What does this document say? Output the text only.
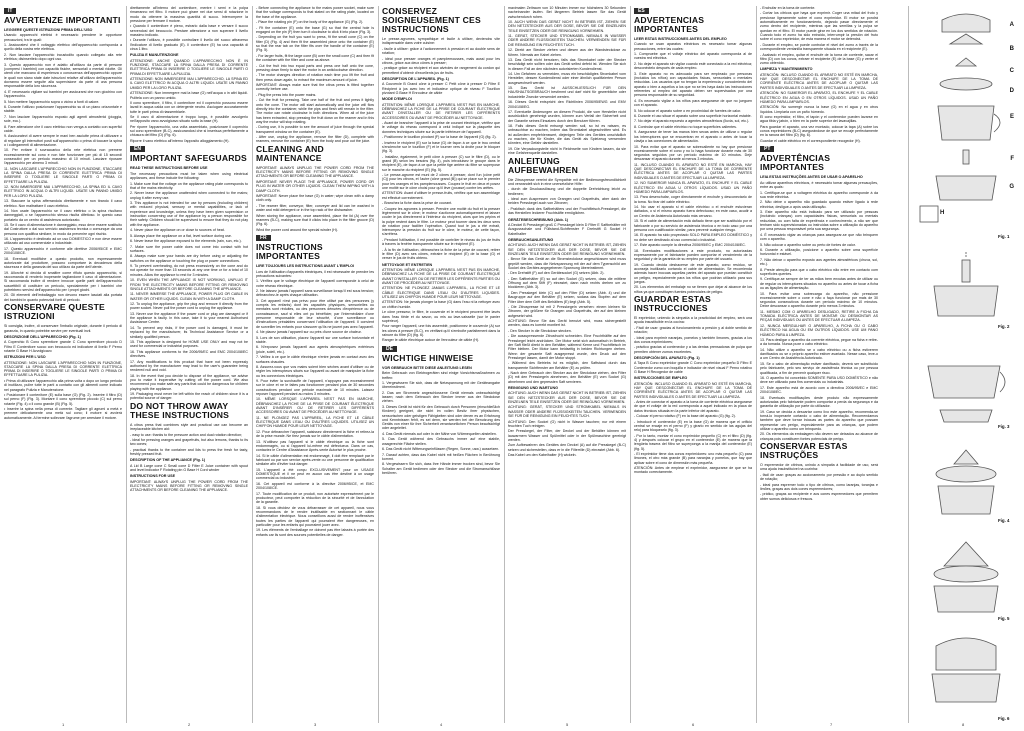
IT
AVVERTENZE IMPORTANTI
LEGGERE QUESTE ISTRUZIONI PRIMA DELL'USO

Usando apparecchi elettrici è necessario prendere le opportune precauzioni, tra le quali:

1. Assicuratevi che il voltaggio elettrico dell'apparecchio corrisponda a quello della vostra rete elettrica.

2. Non lasciare l'apparecchio incustodito quando collegato alla rete elettrica; disinseritelo dopo ogni uso.

3. Questo apparecchio non è adatto all'utilizzo da parte di persone (compresi i bambini) con capacità fisiche, sensoriali o mentali ridotte. Gli utenti che mancano di esperienza o conoscenza dell'apparecchio oppure le quali non siano state date istruzioni relative all'utilizzo dell'apparecchio dovranno essere seguite alla supervisione da parte di una persona responsabile della loro sicurezza.

4. E' necessario vigilare sui bambini per assicurarsi che non giochino con l'apparecchio.

5. Non mettere l'apparecchio sopra o vicino a fonti di calore.

6. Durante l'utilizzo posizionare l'apparecchio su di un piano orizzontale e stabile.

7. Non lasciare l'apparecchio esposto agli agenti atmosferici (pioggia, sole, ecc.).

8. Fare attenzione che il cavo elettrico non venga a contatto con superfici calde.

9. Assicuratevi di avere sempre le mani ben asciutte prima di utilizzare o di regolare gli interruttori posti sull'apparecchio o prima di toccare la spina o i collegamenti di alimentazione.

10. Per evitare il sovraccarico della rete elettrica non premere eccessivamente sul cono e non fate funzionare per più di 15 secondi consecutivi per un periodo massimo di 10 minuti. Lasciare riposare l'apparecchio per almeno 3 minuti.

11. NON LASCIARE L'APPARECCHIO NON IN FUNZIONE, STACCARE LA SPINA DALLA PRESA DI CORRENTE ELETTRICA PRIMA DI INSERIRE O TOGLIERE LE SINGOLE PARTI O PRIMA DI EFFETTUARE LA PULIZIA.

12. NON IMMERGERE MAI L'APPARECCHIO, LA SPINA ED IL CAVO ELETTRICO IN ACQUA O ALTRI LIQUIDI. USATE UN PANNO UMIDO PER LA LORO PULIZIA.

13. Staccare la spina afferrandola direttamente e non tirando il cavo elettrico. Non maltrattare il cavo elettrico.

14. Non usate l'apparecchio se il cavo elettrico o la spina risultano danneggiati, o se l'apparecchio stesso risulta difettoso. In questo caso portatelo da un centro di assistenza autorizzato.

15. Se il cavo di alimentazione è danneggiato, esso deve essere sostituito dal Costruttore o dal suo servizio assistenza tecnica o comunque da una persona con qualifica similare, in modo da prevenire ogni rischio.

16. L'apparecchio è destinato ad un uso DOMESTICO e non deve essere utilizzato ad uso commerciale o industriale.

17. Questo apparecchio è conforme alle direttive 2006/95/CE e EMC 2004/108/CE.

18. Eventuali modifiche a questo prodotto, non espressamente autorizzate dal produttore, possono comportare la decadenza della sicurezza e della garanzia del suo utilizzo da parte dell'utente.

19. Allorché si decida di smaltire come rifiuto questo apparecchio, si raccomanda di renderlo inoperante tagliandone il cavo di alimentazione. Si raccomanda inoltre di rendere innocue quelle parti dell'apparecchio suscettibili di costituire un pericolo, specialmente per i bambini che potrebbero servirsi dell'apparecchio per i propri giochi.

20. Gli elementi dell'imballaggio non devono essere lasciati alla portata dei bambini in quanto potenziali fonti di pericolo.

CONSERVARE QUESTE ISTRUZIONI

Si consiglia, inoltre, di conservare l'imballo originale, durante il periodo di garanzia, in quanto potrebbe servire per eventuali invii.

DESCRIZIONE DELL'APPARECCHIO (Fig. 1)

A Coperchio B Cono spremitore grande C Cono spremitore piccolo D Filtro E Contenitore succo con beccuccio ed indicatore di livello F Perno rotante G Base H Avvolgicavo

ISTRUZIONI PER L'USO

ATTENZIONE: NON LASCIARE L'APPARECCHIO NON IN FUNZIONE, STACCARE LA SPINA DALLA PRESA DI CORRENTE ELETTRICA PRIMA DI INSERIRE O TOGLIERE LE SINGOLE PARTI O PRIMA DI EFFETTUARE LA PULIZIA.

• Prima di utilizzare l'apparecchio alla prima volta o dopo un lungo periodo di inutilizzo, pulire tutte le parti a contatto con gli alimenti come indicato nel paragrafo Pulizia e Manutenzione.

• Posizionare il contenitore (E) sulla base (G) (Fig. 2). Inserire il filtro (D) sul perno (F) (Fig. 3). Montare il cono spremitore piccolo (C) sul perno rotante (Fig. 4) o il cono grande (B) (Fig. 5).

• Inserire la spina nella presa di corrente. Tagliare gli agrumi a metà e premere delicatamente una metà sul cono; il motore si avvierà automaticamente. Al termine sollevare l'agrume per arrestare il motore.

direttamente all'interno del contenitore, mentre i semi e la polpa rimarranno nel filtro. Il motore può girare nei due sensi di rotazione in modo da ottenere la massima quantità di succo. Interrompere la pressione per fermare il motore.

• Quando il contenitore è pieno, estrarlo dalla base e versare il succo servendosi del beccuccio. Prestare attenzione a non superare il livello massimo indicato.

• Durante l'utilizzo, è possibile controllare il livello del succo attraverso l'indicatore di livello graduato (E). Il contenitore (E) ha una capacità di circa 1 litro.

PULIZIA E MANUTENZIONE

ATTENZIONE: ANCHE QUANDO L'APPARECCHIO NON È IN FUNZIONE, STACCARE LA SPINA DALLA PRESA DI CORRENTE ELETTRICA PRIMA DI INSERIRE O TOGLIERE LE SINGOLE PARTI O PRIMA DI EFFETTUARE LA PULIZIA.

ATTENZIONE: NON IMMERGERE MAI L'APPARECCHIO, LA SPINA ED IL CAVO ELETTRICO IN ACQUA O ALTRI LIQUIDI. USATE UN PANNO UMIDO PER LA LORO PULIZIA.

ATTENZIONE: Non immergere mai la base (G) nell'acqua o in altri liquidi. Pulitela con un panno umido.

Il cono spremitore, il filtro, il contenitore ed il coperchio possono essere lavati in acqua calda con un detergente neutro. Asciugare accuratamente tutte le parti prima di riassemblarle.

Se il cavo di alimentazione è troppo lungo, è possibile avvolgerlo nell'apposito vano avvolgicavo situato sotto la base (H).

Per riporre l'apparecchio, una volta assemblato, posizionare il coperchio sul cono spremitore (B-C), assicurandosi che si inserisca perfettamente a chiusura del filtro (D) (Fig. 6).

Riporre il vano elettrico all'interno l'apposito alloggiamento (H).

EN
IMPORTANT SAFEGUARDS
READ THESE INSTRUCTIONS BEFORE USE

The necessary precautions must be taken when using electrical appliances, and these include the following:

1. Make sure that the voltage on the appliance rating plate corresponds to that of the mains electricity.

2. Never leave the appliance unattended when connected to the mains; unplug it after every use.

3. This appliance is not intended for use by persons (including children) with reduced physical, sensory or mental capabilities, or lack of experience and knowledge, unless they have been given supervision or instruction concerning use of the appliance by a person responsible for their safety. Children should be supervised to ensure that they do not play with the appliance.

4. Never place the appliance on or close to sources of heat.

5. Always place the appliance on a flat, level surface during use.

6. Never leave the appliance exposed to the elements (rain, sun, etc.).

7. Make sure the power cable does not come into contact with hot surfaces.

8. Always make sure your hands are dry before using or adjusting the switches on the appliance or touching the plug or power connections.

9. To prevent overheating, do not press excessively on the cone and do not operate for more than 15 seconds at any one time or for a total of 10 minutes. Allow the appliance to rest for 3 minutes.

10. EVEN WHEN THE APPLIANCE IS NOT WORKING, UNPLUG IT FROM THE ELECTRICITY MAINS BEFORE FITTING OR REMOVING SINGLE ATTACHMENTS OR BEFORE CLEANING THE APPLIANCE.

11. NEVER IMMERSE THE APPLIANCE, POWER PLUG OR CABLE IN WATER OR OTHER LIQUIDS. CLEAN IN WITH A DAMP CLOTH.

12. To unplug the appliance, grip the plug and remove it directly from the power socket. Never pull the power cord to unplug the appliance.

13. Never use the appliance if the power cord or plug are damaged or if the appliance is faulty. In this case, take it to your nearest Authorised Assistance Centre.

14. To prevent any risks, if the power cord is damaged, it must be replaced by the manufacturer, its Technical Assistance Service or a similarly qualified person.

15. This appliance is designed for HOME USE ONLY and may not be used for commercial or industrial purposes.

16. This appliance conforms to the 2006/95/EC and EMC 2004/108/EC directives.

17. Any modifications to this product that have not been expressly authorised by the manufacturer may lead to the user's guarantee being rendered null and void.

18. In the event that you decide to dispose of the appliance, we advise you to make it inoperative by cutting off the power cord. We also recommend you make safe any parts that could be dangerous for children playing with the appliance.

19. Packaging must never be left within the reach of children since it is a potential source of danger.

DO NOT THROW AWAY THESE INSTRUCTIONS

A citrus press that combines style and practical use can become an irreplaceable kitchen aid:

- easy to use: thanks to the pressure action and dual rotation direction;

- ideal for pressing oranges and grapefruits, but also lemons, thanks to its two cones;

- practical thanks to the container and lids to press the fresh for tasty, freshly pressed fruit.

DESCRIPTION OF THE APPLIANCE (Fig. 1)

A Lid B Large cone C Small cone D Filter E Juice container with spout and level indicator F Rotating pin G Base H Cord winder

INSTRUCTIONS FOR USE

IMPORTANT: ALWAYS UNPLUG THE POWER CORD FROM THE ELECTRICITY MAINS BEFORE FITTING OR REMOVING SINGLE ATTACHMENTS OR BEFORE CLEANING THE APPLIANCE.

- Before connecting the appliance to the mains power socket, make sure that the voltage corresponds to that stated on the rating plate, located on the base of the appliance.

- Place the rotating pin (F) on the body of the appliance (G) (Fig. 2).

- Fit the container (E) onto the base (G) so that the central hole is engaged on the pin (F) then turn it clockwise to click it into place (Fig. 3).

- Depending on the fruit you want to press, fit the small cone (C) on the filter (D) (Fig. 4) and then fit the assembled piece onto the container (E) so that the rear tab on the filter fits over the handle of the container (E) (Fig. 5).

- For larger fruits, fit the large cone (B) over the small cone (C) and then fit the container with the filter and cone as above.

- Cut the fruit into two equal parts and press one half onto the cone, pressing down firmly to start the motor in an anticlockwise direction.

- The motor changes direction of rotation each time you lift the fruit and then press down again, to extract the maximum amount of juice.

IMPORTANT: Always make sure that the citrus press is fitted together correctly before use.

- Plug the press into the power mains.

- Cut the fruit for pressing. Take one half of the fruit and press it lightly onto the cone. The motor will start automatically and the juice will flow directly into the container, while the pips and flesh will remain in the filter. The motor can rotate clockwise in both directions. When all of the juice has been extracted, stop pressing the fruit down on the reamer and in this way the motor will stop rotating.

- During use, it is possible to see the amount of juice through the special transparent window on the container (E).

- After use, unplug the appliance, remove the filter (D), complete with reamers, remove the container (E) from the body and pour out the juice.

CLEANING AND MAINTENANCE

IMPORTANT: ALWAYS UNPLUG THE POWER CORD FROM THE ELECTRICITY MAINS BEFORE FITTING OR REMOVING SINGLE ATTACHMENTS OR BEFORE CLEANING THE APPLIANCE.

IMPORTANT: NEVER PLACE THE APPLIANCE, POWER CORD OR PLUG IN WATER OR OTHER LIQUIDS. CLEAN THEM WIPING WITH A DAMP CLOTH.

IMPORTANT: Never place the base (G) in water; wipe clean with a damp cloth only.

- The reamer filter, conveyor, filter, conveyer and lid can be washed in water and mild detergent or in the top rack of the dishwasher.

When storing the appliance, once assembled, place the lid (A) over the reamers (B-C), making sure that it clicks into place in the filter groove (D) (Fig. 6).

Wind the power cord around the special winder (H).

FR
INSTRUCTIONS IMPORTANTES
LIRE TOUJOURS LES INSTRUCTIONS AVANT L'EMPLOI

Lors de l'utilisation d'appareils électriques, il est nécessaire de prendre les précautions suivantes:

1. Vérifiez que le voltage électrique de l'appareil corresponde à celui de votre réseau électrique.

2. Ne laissez jamais l'appareil sans surveillance lorsqu'il est sous tension; débranchez-le après chaque utilisation.

3. Cet appareil n'est pas prévu pour être utilisé par des personnes (y compris les enfants) dont les capacités physiques, sensorielles ou mentales sont réduites, ou des personnes dénuées d'expérience ou de connaissance, sauf si elles ont pu bénéficier, par l'intermédiaire d'une personne responsable de leur sécurité, d'une surveillance ou d'instructions préalables concernant l'utilisation de l'appareil. Il convient de surveiller les enfants pour s'assurer qu'ils ne jouent pas avec l'appareil.

4. Ne placez jamais l'appareil sur ou près d'une source de chaleur.

5. Lors de son utilisation, placez l'appareil sur une surface horizontale et stable.

6. N'exposez jamais l'appareil aux agents atmosphériques extérieurs (pluie, soleil, etc.).

7. Veillez à ce que le câble électrique n'entre jamais en contact avec des surfaces chaudes.

8. Assurez-vous que vos mains soient bien sèches avant d'utiliser ou de régler les interrupteurs situés sur l'appareil ou avant de manipuler la fiche ou les connexions électriques.

9. Pour éviter la surchauffe de l'appareil, n'appuyez pas excessivement sur le cône et ne le faites pas fonctionner pendant plus de 30 secondes consécutives pendant une période maximale de 10 minutes. Laissez reposer l'appareil pendant au moins 3 minutes.

10. MÊME LORSQUE L'APPAREIL N'EST PAS EN MARCHE, DÉBRANCHEZ LA FICHE DE LA PRISE DE COURANT ÉLECTRIQUE AVANT D'INSÉRER OU DE RETIRER LES DIFFÉRENTS ACCESSOIRES OU AVANT DE PROCÉDER AU NETTOYAGE.

11. NE PLONGEZ PAS L'APPAREIL, LA FICHE ET LE CÂBLE ÉLECTRIQUE DANS L'EAU OU D'AUTRES LIQUIDES. UTILISEZ UN CHIFFON HUMIDE POUR LEUR NETTOYAGE.

12. Pour débrancher l'appareil, saisissez directement la fiche et retirez-la de la prise murale. Ne tirez jamais sur le câble d'alimentation.

13. N'utilisez pas l'appareil si le câble électrique ou la fiche sont endommagés, ou si l'appareil lui-même est défectueux. Dans ce cas, contactez le Centre d'Assistance Après-vente Autorisé le plus proche.

14. Si le câble d'alimentation est endommagé, il doit être remplacé par le fabricant ou par son service après-vente ou une personne de qualification similaire afin d'éviter tout danger.

15. L'appareil a été conçu EXCLUSIVEMENT pour un USAGE DOMESTIQUE et il ne peut en aucun cas être destiné à un usage commercial ou industriel.

16. Cet appareil est conforme à la directive 2006/95/CE, et EMC 2004/108/CE.

17. Toute modification de ce produit, non autorisée expressément par le producteur, peut comporter la réduction de la sécurité et de l'annulation de la garantie.

18. Si vous décidez de vous débarrasser de cet appareil, nous vous recommandons de le rendre inutilisable en sectionnant le câble d'alimentation électrique. Nous conseillons aussi de rendre inoffensives toutes les parties de l'appareil qui pourraient être dangereuses, en particulier pour les enfants qui pourraient jouer avec.

19. Les éléments de l'emballage ne doivent pas être laissés à portée des enfants car ils sont des sources potentielles de danger.

CONSERVEZ SOIGNEUSEMENT CES INSTRUCTIONS

Le presse-agrumes, sympathique et facile à utiliser, deviendra vite indispensable dans votre cuisine:

- facile à utiliser: grâce à l'actionnement à pression et au double sens de rotation;

- idéal pour presser oranges et pamplemousses, mais aussi pour les citrons, grâce aux deux cônes à presser;

- pratique grâce au récipient et aux alvéoles de rangement du cordon qui permettent d'obtenir d'excellents jus de fruits.

DESCRIPTION DE L'APPAREIL (Fig. 1)

A Couvercle B Grand cône à presser C Petit cône à presser D Filtre E Récipient à jus avec bec et indicateur optique de niveau F Tourillon pivotant G Base H Enrouleur de câble

MODE D'EMPLOI

ATTENTION: MÊME LORSQUE L'APPAREIL N'EST PAS EN MARCHE, DÉBRANCHEZ LA FICHE DE LA PRISE DE COURANT ÉLECTRIQUE AVANT D'INSTALLER OU DE RETIRER LES DIFFÉRENTS ACCESSOIRES OU AVANT DE PROCÉDER AU NETTOYAGE.

- Avant de brancher l'appareil à la prise de courant électrique, vérifiez que le voltage du réseau correspond à celui indiqué sur la plaquette des données techniques située sur la partie inférieure de l'appareil.

- Positionnez le tourillon pivotant (F) sur la base de l'appareil (G) (fig. 2).

- Insérez le récipient (E) sur la base (G) de façon à ce que le trou central s'enclenche sur le tourillon (F) et le tourner vers la droite pour le bloquer (fig. 3).

- Installez, également, le petit cône à presser (C) sur le filtre (D), ou le grand (B) selon les besoins (fig. 4), puis introduisez le groupe dans le récipient (E), de façon à ce que la petite tige arrière du filtre se superpose sur le manche du récipient (E) (fig. 5).

- Le presse-agrume est muni de 2 cônes à presser, dont l'un (cône petit (C)) pour les citrons, et l'autre (cône grand (B)) qui se place sur le premier pour les oranges et les pamplemousses. Coupez le fruit en deux et posez une moitié sur le cône choisi pour qu'il lève (pousse) contre les arêtes.

ATTENTION: Avant d'utiliser le presse-fruits, vérifiez que son assemblage est effectué correctement.

- Branchez la fiche dans la prise de courant.

- Coupez les agrumes à presser. Prendre une moitié du fruit et la presser légèrement sur le cône; le moteur s'actionne automatiquement et laisser couler le jus directement à l'intérieur du récipient, alors que les pépins et la pulpe restent dans le filtre. Le moteur peut tourner dans les deux sens de rotation pour faciliter l'opération. Quand tout le jus a été extrait, interrompez la pression du fruit sur le cône, le moteur, de cette façon, s'arrêtera.

- Pendant l'utilisation, il est possible de contrôler le niveau du jus de fruits à travers la fenêtre transparente située sur le récipient (E).

- À la fin de l'utilisation, débranchez la fiche de la prise de courant, retirer le filtre (D) avec ses cônes, extraire le récipient (E) de la base (G) et verser le jus de fruits obtenu.

NETTOYAGE ET ENTRETIEN

ATTENTION: MÊME LORSQUE L'APPAREIL N'EST PAS EN MARCHE, DÉBRANCHEZ LA FICHE DE LA PRISE DE COURANT ÉLECTRIQUE AVANT D'INSTALLER OU DE RETIRER LES DIFFÉRENTS PARTIES OU AVANT DE PROCÉDER AU NETTOYAGE.

ATTENTION: NE PLONGEZ JAMAIS L'APPAREIL, LA FICHE ET LE CÂBLE ÉLECTRIQUE DANS L'EAU OU D'AUTRES LIQUIDES. UTILISEZ UN CHIFFON HUMIDE POUR LEUR NETTOYAGE.

ATTENTION: Ne jamais plonger la base (G) dans l'eau ni la nettoyer avec un chiffon humide.

Le cône presseur, le filtre, le couvercle et le récipient peuvent être lavés dans l'eau tiède et du savon, ou mis au lave-vaisselle (sur le panier supérieur).

Pour ranger l'appareil, une fois assemblé, positionnez le couvercle (A) sur les cônes à presser (B-C), en vérifiant qu'il s'emboîte parfaitement dans la rainure du filtre (D) (fig. 6).

Ranger le câble électrique autour de l'enrouleur de câble (H).

DE
WICHTIGE HINWEISE
VOR GEBRAUCH BITTE DIESE ANLEITUNG LESEN

Beim Gebrauch von Elektrogeräten sind einige Vorsichtsmaßnahmen zu treffen:

1. Vergewissern Sie sich, dass die Netzspannung mit der Geräteangabe übereinstimmt.

2. Das am Stromnetz angeschlossene Gerät niemals unbeaufsichtigt lassen; nach dem Gebrauch den Stecker immer aus der Steckdose ziehen.

3. Dieses Gerät ist nicht für den Gebrauch durch Personen (einschließlich Kindern) geeignet, die nicht im vollen Besitz ihrer physischen, sensorischen oder geistigen Fähigkeiten sind oder denen es an Erfahrung und Kenntnissen fehlt, es sei denn, sie werden bei der Benutzung des Geräts von einer für ihre Sicherheit verantwortlichen Person beaufsichtigt oder angeleitet.

4. Das Gerät niemals auf oder in der Nähe von Wärmequellen abstellen.

5. Das Gerät während des Gebrauchs immer auf eine stabile, waagerechte Fläche stellen.

6. Das Gerät nicht Witterungseinflüssen (Regen, Sonne, usw.) aussetzen.

7. Darauf achten, dass das Kabel nicht mit heißen Flächen in Berührung kommt.

8. Vergewissern Sie sich, dass Ihre Hände immer trocken sind, bevor Sie Schalter am Gerät bedienen oder den Stecker und die Stromanschlüsse berühren.

maximalen Zeitraum von 10 Minuten immer nur höchstens 30 Sekunden nacheinander laufen. Bei längerem Betrieb lassen Sie das Gerät zwischendurch ruhen.

10. AUCH WENN DAS GERÄT NICHT IN BETRIEB IST, ZIEHEN SIE DEN NETZSTECKER AUS DER DOSE, BEVOR SIE DIE EINZELNEN TEILE EINSETZEN ODER DIE REINIGUNG VORNEHMEN.

11. GERÄT, STECKER UND STROMKABEL NIEMALS IN WASSER ODER ANDERE FLÜSSIGKEITEN TAUCHEN. VERWENDEN SIE FÜR DIE REINIGUNG EIN FEUCHTES TUCH.

12. Direkt am Stecker ziehen und diesen aus der Wandsteckdose zu führen. Niemals am Kabel ziehen.

13. Das Gerät nicht benutzen, falls das Stromkabel oder der Stecker beschädigt sein sollten oder das Gerät selbst defekt ist. Wenden Sie sich in diesem Fall an den nächsten autorisierten Kundendienst.

14. Um Gefahren zu vermeiden, muss ein beschädigtes Stromkabel vom Hersteller, dessen Kundendienst oder einer ähnlich qualifizierten Person ausgewechselt werden.

15. Das Gerät ist AUSSCHLIESSLICH FÜR DEN HAUSHALTSGEBRAUCH bestimmt und darf nicht für gewerbliche oder industrielle Zwecke verwendet werden.

16. Dieses Gerät entspricht den Richtlinien 2006/95/EWG und EMV 2004/108/EG.

17. Eventuelle Änderungen an diesem Produkt, die vom Hersteller nicht ausdrücklich genehmigt wurden, können zum Verfall der Sicherheit und der Garantie seines Einsatzes durch den Benutzer führen.

18. Falls dieses Gerät entsorgt werden soll, so ist es ratsam, es unbrauchbar zu machen, indem das Stromkabel abgeschnitten wird. Es ist außerdem empfehlenswert, diejenigen Teile des Gerätes unschädlich zu machen, die für Kinder, die das Gerät als Spielzeug verwenden könnten, eine Gefahr darstellen.

19. Die Verpackungsteile nicht in Reichweite von Kindern lassen, da sie eine Gefahrenquelle darstellen.

ANLEITUNG AUFBEWAHREN

Die Zitruspresse vereint die Sympathie mit der Bedienungsfreundlichkeit und verwandelt sich in eine unersetzliche Hilfe:

- durch die Druckauslösung und die doppelte Drehrichtung leicht zu bedienen;

- ideal zum Auspressen von Orangen und Grapefruits, aber dank der beiden Presskegel auch von Zitronen;

- Praktisch dank des Saftbehälters und der Fruchtfleisch-Presskegel, die das Herstellen leckerer Fruchtsäfte ermöglichen.

GERÄTEBESCHREIBUNG (Abb. 1)

A Deckel B Presskegel groß C Presskegel klein D Filter E Saftbehälter mit Ausgussschale und Füllstand-Sichtfenster F Drehstift G Sockel H Kabelhalter

GEBRAUCHSANLEITUNG

ACHTUNG: AUCH WENN DAS GERÄT NICHT IN BETRIEB IST, ZIEHEN SIE DEN NETZSTECKER AUS DER DOSE, BEVOR SIE DIE EINZELNEN TEILE EINSETZEN ODER DIE REINIGUNG VORNEHMEN.

- Bevor Sie das Gerät an die Stromsteckdose angeschlossen wird muss geprüft werden, dass die Netzspannung mit der auf dem Typenschild am Sockel des Gerätes angegebenen Spannung übereinstimmt.

- Den Drehstift (F) auf den Gerätesockel (G) setzen (Abb. 2).

- Den Saftbehälter (E) so auf den Sockel (G) setzen, dass die mittlere Öffnung auf dem Stift (F) einrastet, dann nach rechts drehen um zu blockieren (Abb. 3).

- Den Presskegel klein (C) auf den Filter (D) setzen (Abb. 4) und die Baugruppe auf den Behälter (E) setzen, sodass das Stopfen auf dem Filter über dem Griff des Behälters (E) liegt (Abb. 5).

- Die Zitruspresse ist mit 2 Presskegeln versehen: einem kleinen für Zitronen, der größere für Orangen und Grapefruits, der auf den kleinen aufgesetzt wird.

ACHTUNG: Bevor Sie das Gerät benutzt wird, muss sichergestellt werden, dass es korrekt montiert ist.

- Den Stecker in die Steckdose stecken.

- Die auszupressende Zitrusfrucht schneiden. Eine Fruchthälfte auf den Presskegel leicht andrücken. Der Motor setzt sich automatisch in Betrieb, der Saft fließt direkt in den Behälter, während Kerne und Fruchtfleisch im Filter bleiben. Der Motor kann beidseitig in beiden Richtungen drehen. Wenn der gesamte Saft ausgepresst wurde, den Druck auf den Presskegel lassen, damit der Motor stoppt.

- Während des Betriebs ist es möglich, den Saftstand durch das transparente Sichtfenster am Behälter (E) zu prüfen.

- Nach dem Gebrauch den Stecker aus der Steckdose ziehen, den Filter (D) mit den Presskegeln abnehmen, den Behälter (E) vom Sockel (G) abnehmen und den gepressten Saft servieren.

REINIGUNG UND WARTUNG

ACHTUNG: AUCH WENN DAS GERÄT NICHT IN BETRIEB IST, ZIEHEN SIE DEN NETZSTECKER AUS DER DOSE, BEVOR SIE DIE EINZELNEN TEILE EINSETZEN ODER DIE REINIGUNG VORNEHMEN.

ACHTUNG: GERÄT, STECKER UND STROMKABEL NIEMALS IN WASSER ODER ANDERE FLÜSSIGKEITEN TAUCHEN. VERWENDEN SIE FÜR DIE REINIGUNG EIN FEUCHTES TUCH.

ACHTUNG: Den Sockel (G) nicht in Wasser tauchen; nur mit einem feuchten Tuch reinigen.

Der Presskegel, der Filter, der Deckel und der Behälter können mit lauwarmem Wasser und Spülmittel oder in der Spülmaschine gereinigt werden.

Zum Aufbewahren des Gerätes den Deckel (A) auf die Presskegel (B-C) setzen und sicherstellen, dass er in die Filterrille (D) einrastet (Abb. 6).

Das Kabel um den Kabelhalter (H) wickeln.

ES
ADVERTENCIAS IMPORTANTES
LEER ESTAS INSTRUCCIONES ANTES DEL EMPLEO

Cuando se usan aparatos eléctricos es necesario tomar algunas precauciones, entre las cuales:

1. Compruebe que el voltaje eléctrico del aparato corresponda al de vuestra red eléctrica.

2. No dejar el aparato sin vigilar cuando esté conectado a la red eléctrica; desconéctelo después de cada empleo.

3. Este aparato no es adecuado para ser empleado por personas (incluidos los niños) con capacidades físicas, sensoriales o mentales reducidas. Los usuarios que no tengan la experiencia y conocimiento del aparato o bien a aquellos a los que no se les haya dado las instrucciones referentes al empleo del aparato deben ser supervisados por una persona responsable de su seguridad.

4. Es necesario vigilar a los niños para asegurarse de que no jueguen con el aparato.

5. No colocar el aparato sobre o en proximidad de fuentes de calor.

6. Durante el uso situar el aparato sobre una superficie horizontal estable.

7. No dejar el aparato expuesto a agentes atmosféricos (lluvia, sol, etc.).

8. Controlar que el cable eléctrico no toque superficies calientes.

9. Asegurarse de tener las manos bien secas antes de utilizar o regular los interruptores que se encuentran en el aparato o antes de tocar la clavija o las conexiones de alimentación.

10. Para evitar que el aparato se sobrecaliente no hay que presionar excesivamente sobre el cono y no lo haga funcionar durante más de 30 segundos seguidos por un período máximo de 10 minutos. Deje descansar el aparato durante al menos 3 minutos.

11. INCLUSO CUANDO EL APARATO NO ESTÉ EN MARCHA, HAY QUE DESCONECTAR EL ENCHUFE DE LA TOMA DE CORRIENTE ELÉCTRICA ANTES DE ACOPLAR O QUITAR LAS PARTES INDIVIDUALES O ANTES DE EFECTUAR LA LIMPIEZA.

12. NO SUMERGIR NUNCA EL APARATO, EL ENCHUFE Y EL CABLE ELÉCTRICO EN AGUA U OTROS LÍQUIDOS. USAD UN PAÑO HÚMEDO PARA LIMPIARLOS.

13. Para desenchufar, coger directamente el enchufe y desconectarlo de la toma. No tirar del cable eléctrico.

14. No usar el aparato si el cable eléctrico o el enchufe estuvieran dañados, o si el mismo aparato fuera defectuoso; en este caso, acudir a un Centro de Asistencia Autorizado más cercano.

15. Si el cable de alimentación está dañado tiene que ser sustituido por el fabricante o por su servicio de asistencia técnica o en todo caso por una persona con cualificación similar, para prevenir cualquier riesgo.

16. El aparato ha sido proyectado SOLO PARA EMPLEO DOMÉSTICO y no debe ser destinado al uso comercial o industrial.

17. Este aparato cumple la directiva 2006/95/EC y EMC 2004/108/EC.

18. Eventuales modificaciones a este producto, no autorizadas expresamente por el fabricante pueden comportar el vencimiento de la seguridad y de la garantía de su empleo por parte del usuario.

19. Cuando decida deshacerse de este aparato, como residuo, se aconseja inutilizarlo cortando el cable de alimentación. Se recomienda además hacer inocuas aquellas partes del aparato que puedan constituir un peligro, especialmente para los niños que podrían utilizarlo para sus juegos.

20. Los elementos del embalaje no se tienen que dejar al alcance de los niños ya que constituyen fuentes potenciales de peligro.

GUARDAR ESTAS INSTRUCCIONES

El exprimidor, uniendo la simpatía a la practicidad del empleo, será una ayuda insustituible en la cocina:

- Fácil de usar: gracias al funcionamiento a presión y al doble sentido de rotación;

- Ideal para exprimir naranjas, pomelos y también limones, gracias a los dos conos exprimidores;

- práctico gracias al contenedor y a las dentas prensadoras de pulpa que permiten obtener zumos excelentes.

DESCRIPCIÓN DEL APARATO (Fig. 1)

A Tapa B Cono exprimidor grande C Cono exprimidor pequeño D Filtro E Contenedor zumo con boquilla e indicador de nivel visual F Perno rotativo G Base H Recogedor de cable

INSTRUCCIONES DE EMPLEO

ATENCIÓN: INCLUSO CUANDO EL APARATO NO ESTÉ EN MARCHA, HAY QUE DESCONECTAR EL ENCHUFE DE LA TOMA DE CORRIENTE ELÉCTRICA ANTES DE ACOPLAR O QUITAR LAS PARTES INDIVIDUALES O ANTES DE EFECTUAR LA LIMPIEZA.

- Antes de conectar el aparato a la toma de corriente eléctrica asegurarse de que el voltaje de la red corresponda a aquel indicado en la placa de datos técnicos situada en la parte inferior del aparato.

- Colocar el perno rotativo (F) en la base del aparato (G) (fig. 2).

- Introducir el contenedor (E) en la base (G) de manera que el orificio central se encaje en el perno (F) y girarlo en sentido de las agujas del reloj para bloquearlo (fig. 3).

- Por lo tanto, montar el cono exprimidor pequeño (C) en el filtro (D) (fig. 4) y después colocar el grupo en el contenedor (E) de manera que la lengüeta trasera del filtro se superponga a la manija del contenedor (E) (fig. 5).

- El exprimidor tiene dos conos exprimidores: uno más pequeño (C) para limones, el otro más grande (B) para naranjas y pomelos, que hay que aplicar sobre el cono de dimensión más pequeña.

ATENCIÓN: Antes de emplear el exprimidor, asegurarse de que se ha montado correctamente.

- Enchufar en la toma de corriente.

- Cortar los cítricos que haya que exprimir. Coger una mitad del fruto y presionar ligeramente sobre el cono exprimidor. El motor se pondrá automáticamente en funcionamiento, dejando pasar directamente el zumo dentro del recipiente, mientras que las semillas y la pulpa se quedan en el filtro. El motor puede girar en los dos sentidos de rotación. Cuando todo el zumo ha sido extraído, interrumpir la presión del fruto sobre el cono exprimidor, de esta manera el motor se detendrá.

- Durante el empleo, se puede controlar el nivel del zumo a través de la correspondiente ventanilla transparente situada en el recipiente (E).

- Acabado el empleo, quitar el enchufe de la toma de corriente, sacar el filtro (D) con los conos, extraer el recipiente (E) de la base (G) y verter el zumo obtenido.

LIMPIEZA Y MANTENIMIENTO

ATENCIÓN: INCLUSO CUANDO EL APARATO NO ESTÉ EN MARCHA, HAY QUE DESCONECTAR EL ENCHUFE DE LA TOMA DE CORRIENTE ELÉCTRICA ANTES DE ACOPLAR O QUITAR LAS PARTES INDIVIDUALES O ANTES DE EFECTUAR LA LIMPIEZA.

ATENCIÓN: NO SUMERGIR EL APARATO, EL ENCHUFE Y EL CABLE ELÉCTRICO EN AGUA O EN OTROS LÍQUIDOS. USAD UN PAÑO HÚMEDO PARA LIMPIARLOS.

ATENCIÓN: No sumergir nunca la base (G) en el agua y en otros líquidos. Limpiarla con un paño húmedo.

El cono exprimidor, el filtro, el tapón y el contenedor pueden lavarse en agua tibia y jabón, o bien en la parte superior del lavavajillas.

Para guardar el aparato, una vez montado, colocar la tapa (A) sobre los conos exprimidores (B-C) asegurándose de que se encaje perfectamente en la ranura del filtro (D) (fig. 6).

Guardar el cable eléctrico en el correspondiente recogedor (H).

PT
ADVERTÊNCIAS IMPORTANTES
LEIA ESTAS INSTRUÇÕES ANTES DE USAR O APARELHO

Ao utilizar aparelhos eléctricos, é necessário tomar algumas precauções, entre as quais:

1. Certifique-se que a voltagem eléctrica do aparelho corresponde à da sua rede eléctrica.

2. Não deixe o aparelho não guardado quando estiver ligado à rede eléctrica; desligue-o após cada utilização.

3. Este aparelho não está indicado para ser utilizado por pessoas (incluindo crianças) com capacidades físicas, sensoriais ou mentais reduzidas, ou com falta de experiência e conhecimento, a não ser que tenham sido supervisionadas ou instruídas sobre a utilização do aparelho por uma pessoa responsável pela sua segurança.

4. É necessário vigiar as crianças para assegurar-se que não brinquem com o aparelho.

5. Não colocar o aparelho sobre ou perto de fontes de calor.

6. Durante a utilização, posicione o aparelho sobre uma superfície horizontal e estável.

7. Não deixar o aparelho exposto aos agentes atmosféricos (chuva, sol, etc.).

8. Preste atenção para que o cabo eléctrico não entre em contacto com superfícies quentes.

9. Certifique-se sempre de ter as mãos bem enxutas antes de utilizar ou de regular os interruptores situados no aparelho ou antes de tocar a ficha ou as ligações de alimentação.

10. Para evitar uma sobrecarga do aparelho, não pressione excessivamente sobre o cone e não o faça funcionar por mais de 30 segundos consecutivos durante um período máximo de 10 minutos. Deixe descansar o aparelho durante pelo menos 3 minutos.

11. MESMO COM O APARELHO DESLIGADO, RETIRE A FICHA DA TOMADA ELÉCTRICA ANTES DE MONTAR OU DESMONTAR AS PEÇAS INDIVIDUAIS OU ANTES DE EFECTUAR A LIMPEZA.

12. NUNCA MERGULHAR O APARELHO, A FICHA OU O CABO ELÉCTRICO NA ÁGUA OU EM OUTROS LÍQUIDOS. USE UM PANO HÚMIDO PARA A LIMPEZA.

13. Para desligar o aparelho da corrente eléctrica, pegue na ficha e retire-a da tomada. Nunca puxe o cabo eléctrico.

14. Não utilize o aparelho se o cabo eléctrico ou a ficha estiverem danificados ou se o próprio aparelho estiver avariado. Nesse caso, leve-o a um Centro de Assistência Autorizado.

15. Se o cabo de alimentação estiver danificado, deverá ser substituído pelo fabricante, pelo seu serviço de assistência técnica ou por pessoa qualificada, a fim de prevenir qualquer risco.

16. O aparelho foi concebido SOMENTE PARA USO DOMÉSTICO e não deve ser utilizado para fins comerciais ou industriais.

17. Este aparelho está de acordo com a directiva 2006/95/EC e EMC 2004/108/EC.

18. Eventuais modificações deste produto não expressamente autorizadas pelo fabricante podem comportar a perda da segurança e da garantia de utilização por parte do utilizador.

19. Caso se decida a descartar como lixo este aparelho, recomenda-se torná-lo inoperante cortando o cabo de alimentação. Recomendamos também que deve tornar inócuas as partes do aparelho que possam representar um perigo, especialmente para as crianças, que podem utilizar o aparelho como um brinquedo.

20. Os elementos da embalagem não devem ser deixados ao alcance de crianças pois constituem fontes potenciais de perigo.

CONSERVAR ESTAS INSTRUÇÕES

O espremedor de citrinos, unindo a simpatia à facilidade de uso, será uma ajuda insubstituível na cozinha:

- fácil de usar: graças ao accionamento por pressão e ao duplo sentido de rotação;

- ideal para espremer todo o tipo de citrinos, como laranjas, toranjas e limões, graças aos dois cones espremedores;

- prático, graças ao recipiente e aos cones espremedores que permitem obter sumos deliciosos e frescos.

A
B
C
D
E
F
G
H
Fig. 1
Fig. 2
Fig. 3
Fig. 4
Fig. 5
Fig. 6
1	2	3	4	5	6	7	8
